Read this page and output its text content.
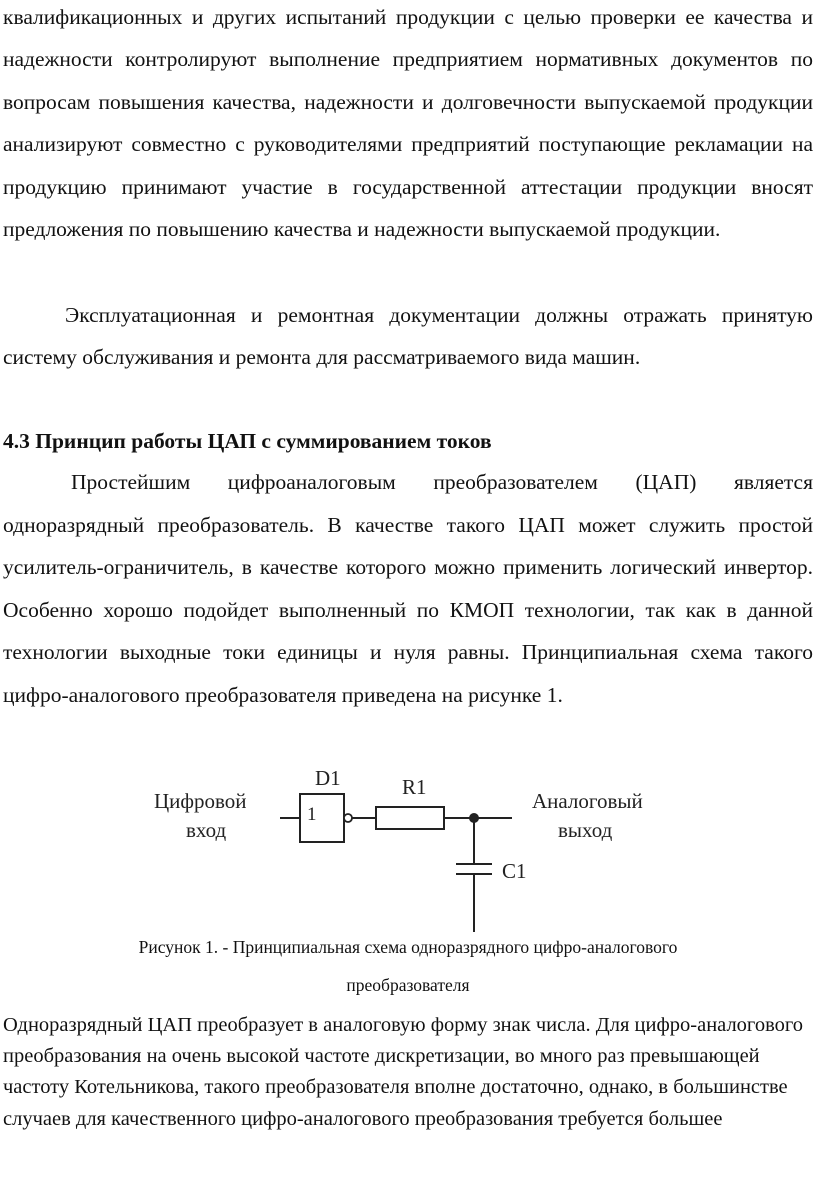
квалификационных и других испытаний продукции с целью проверки ее качества и надежности контролируют выполнение предприятием нормативных документов по вопросам повышения качества, надежности и долговечности выпускаемой продукции анализируют совместно с руководителями предприятий поступающие рекламации на продукцию принимают участие в государственной аттестации продукции вносят предложения по повышению качества и надежности выпускаемой продукции.

Эксплуатационная и ремонтная документации должны отражать принятую систему обслуживания и ремонта для рассматриваемого вида машин.

4.3 Принцип работы ЦАП с суммированием токов

Простейшим цифроаналоговым преобразователем (ЦАП) является одноразрядный преобразователь. В качестве такого ЦАП может служить простой усилитель-ограничитель, в качестве которого можно применить логический инвертор. Особенно хорошо подойдет выполненный по КМОП технологии, так как в данной технологии выходные токи единицы и нуля равны. Принципиальная схема такого цифро-аналогового преобразователя приведена на рисунке 1.

Цифровой
вход
D1
1
R1
Аналоговый
выход
C1

Рисунок 1. - Принципиальная схема одноразрядного цифро-аналогового

преобразователя

Одноразрядный ЦАП преобразует в аналоговую форму знак числа. Для цифро-аналогового преобразования на очень высокой частоте дискретизации, во много раз превышающей частоту Котельникова, такого преобразователя вполне достаточно, однако, в большинстве случаев для качественного цифро-аналогового преобразования требуется большее
